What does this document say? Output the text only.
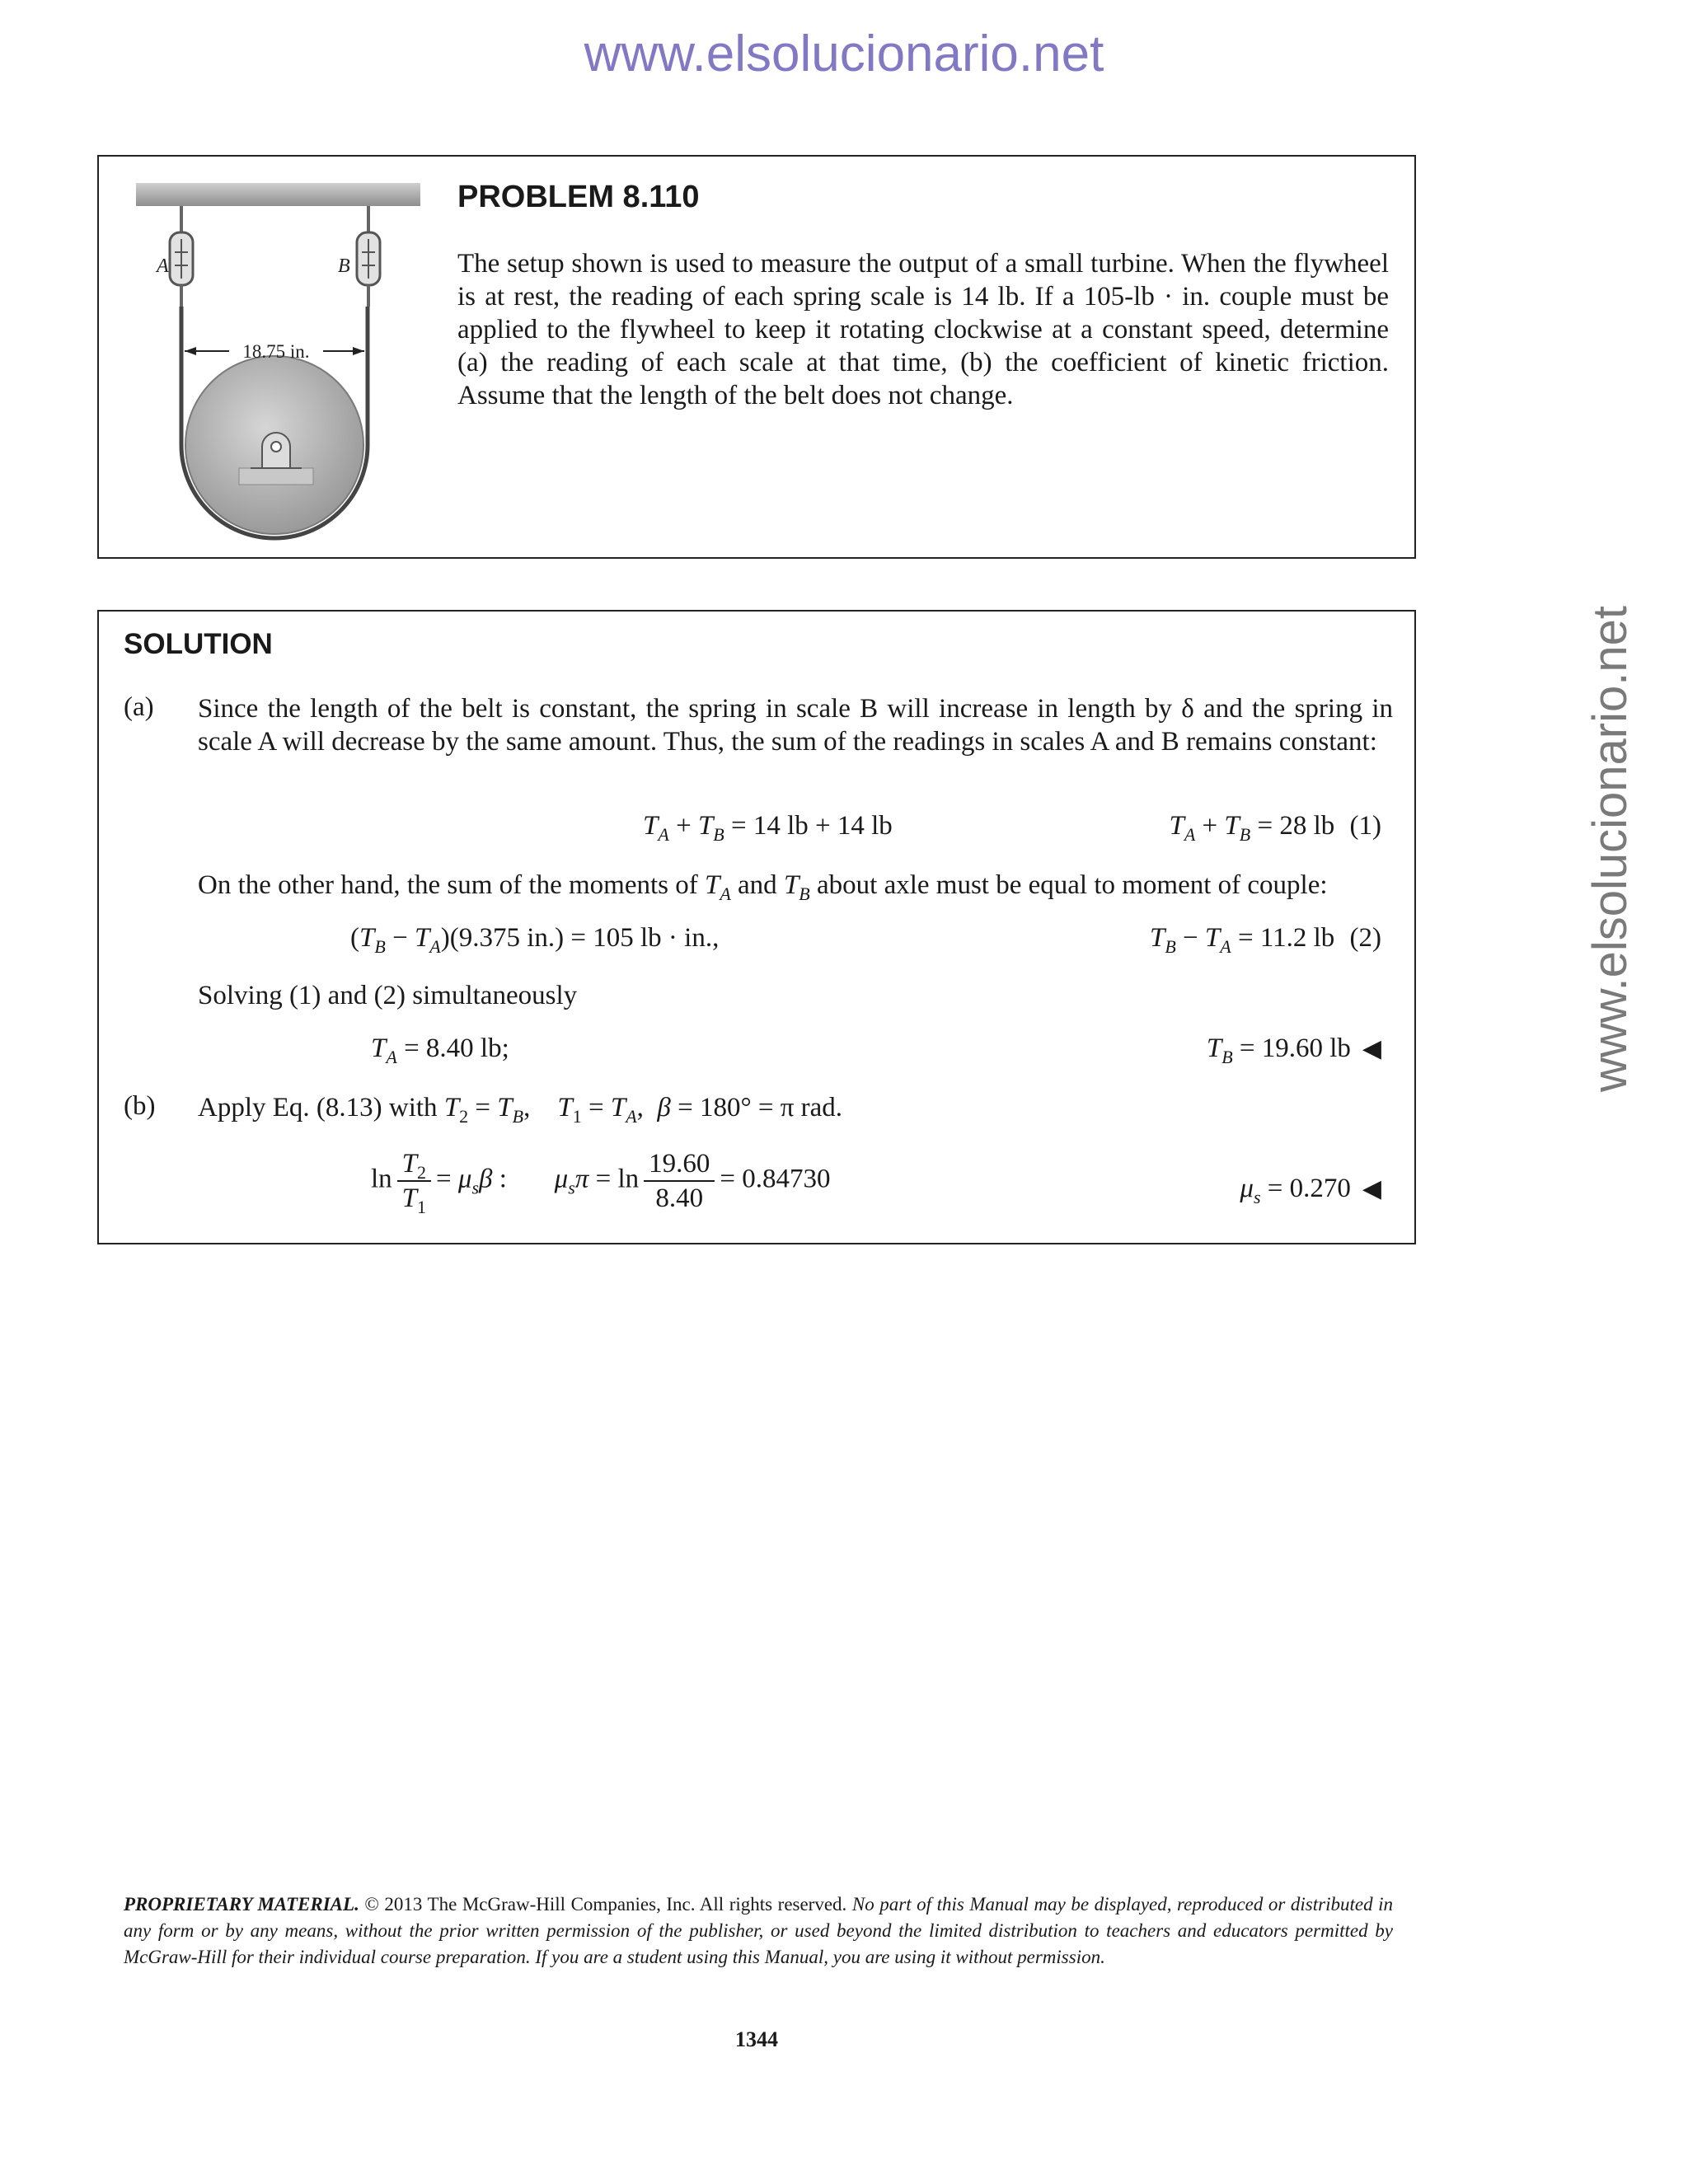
www.elsolucionario.net
www.elsolucionario.net
A	B
18.75 in.
PROBLEM 8.110
The setup shown is used to measure the output of a small turbine. When the flywheel is at rest, the reading of each spring scale is 14 lb. If a 105-lb · in. couple must be applied to the flywheel to keep it rotating clockwise at a constant speed, determine (a) the reading of each scale at that time, (b) the coefficient of kinetic friction. Assume that the length of the belt does not change.
SOLUTION
(a) Since the length of the belt is constant, the spring in scale B will increase in length by δ and the spring in scale A will decrease by the same amount. Thus, the sum of the readings in scales A and B remains constant:
$T_A + T_B = 14$ lb + 14 lb	$T_A + T_B = 28$ lb (1)
On the other hand, the sum of the moments of $T_A$ and $T_B$ about axle must be equal to moment of couple:
$(T_B - T_A)(9.375$ in.) = 105 lb · in.,	$T_B - T_A = 11.2$ lb (2)
Solving (1) and (2) simultaneously
$T_A = 8.40$ lb;	$T_B = 19.60$ lb ◀
(b) Apply Eq. (8.13) with $T_2 = T_B$,    $T_1 = T_A$,  β = 180° = π rad.
$\ln \frac{T_2}{T_1} = \mu_s\beta$ :       $\mu_s\pi = \ln \frac{19.60}{8.40} = 0.84730$	$\mu_s = 0.270$ ◀
PROPRIETARY MATERIAL. © 2013 The McGraw-Hill Companies, Inc. All rights reserved. No part of this Manual may be displayed, reproduced or distributed in any form or by any means, without the prior written permission of the publisher, or used beyond the limited distribution to teachers and educators permitted by McGraw-Hill for their individual course preparation. If you are a student using this Manual, you are using it without permission.
1344
